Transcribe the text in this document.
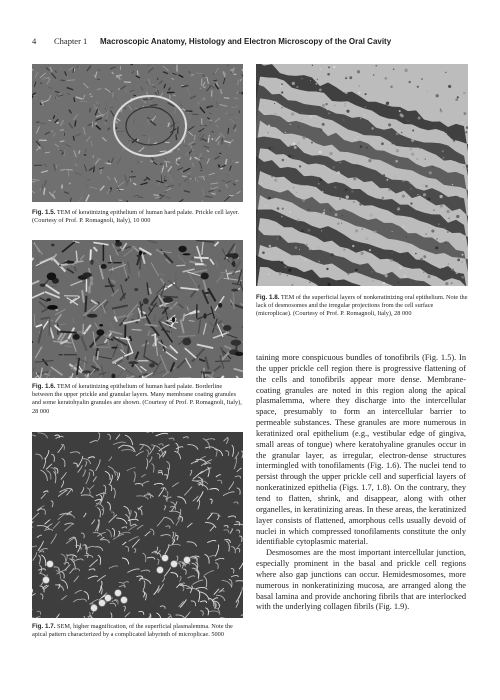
4 Chapter 1 Macroscopic Anatomy, Histology and Electron Microscopy of the Oral Cavity
Fig. 1.5. TEM of keratinizing epithelium of human hard palate. Prickle cell layer. (Courtesy of Prof. P. Romagnoli, Italy), 10 000
Fig. 1.6. TEM of keratinizing epithelium of human hard palate. Borderline between the upper prickle and granular layers. Many membrane coating granules and some keratohyalin granules are shown. (Courtesy of Prof. P. Romagnoli, Italy), 28 000
Fig. 1.7. SEM, higher magnification, of the superficial plasmalemma. Note the apical pattern characterized by a complicated labyrinth of microplicae. 5000
Fig. 1.8. TEM of the superficial layers of nonkeratinizing oral epithelium. Note the lack of desmosomes and the irregular projections from the cell surface (microplicae). (Courtesy of Prof. P. Romagnoli, Italy), 28 000

taining more conspicuous bundles of tonofibrils (Fig. 1.5). In the upper prickle cell region there is progressive flattening of the cells and tonofibrils appear more dense. Membrane-coating granules are noted in this region along the apical plasmalemma, where they discharge into the intercellular space, presumably to form an intercellular barrier to permeable substances. These granules are more numerous in keratinized oral epithelium (e.g., vestibular edge of gingiva, small areas of tongue) where keratohyaline granules occur in the granular layer, as irregular, electron-dense structures intermingled with tonofilaments (Fig. 1.6). The nuclei tend to persist through the upper prickle cell and superficial layers of nonkeratinized epithelia (Figs. 1.7, 1.8). On the contrary, they tend to flatten, shrink, and disappear, along with other organelles, in keratinizing areas. In these areas, the keratinized layer consists of flattened, amorphous cells usually devoid of nuclei in which compressed tonofilaments constitute the only identifiable cytoplasmic material.

Desmosomes are the most important intercellular junction, especially prominent in the basal and prickle cell regions where also gap junctions can occur. Hemidesmosomes, more numerous in nonkeratinizing mucosa, are arranged along the basal lamina and provide anchoring fibrils that are interlocked with the underlying collagen fibrils (Fig. 1.9).
